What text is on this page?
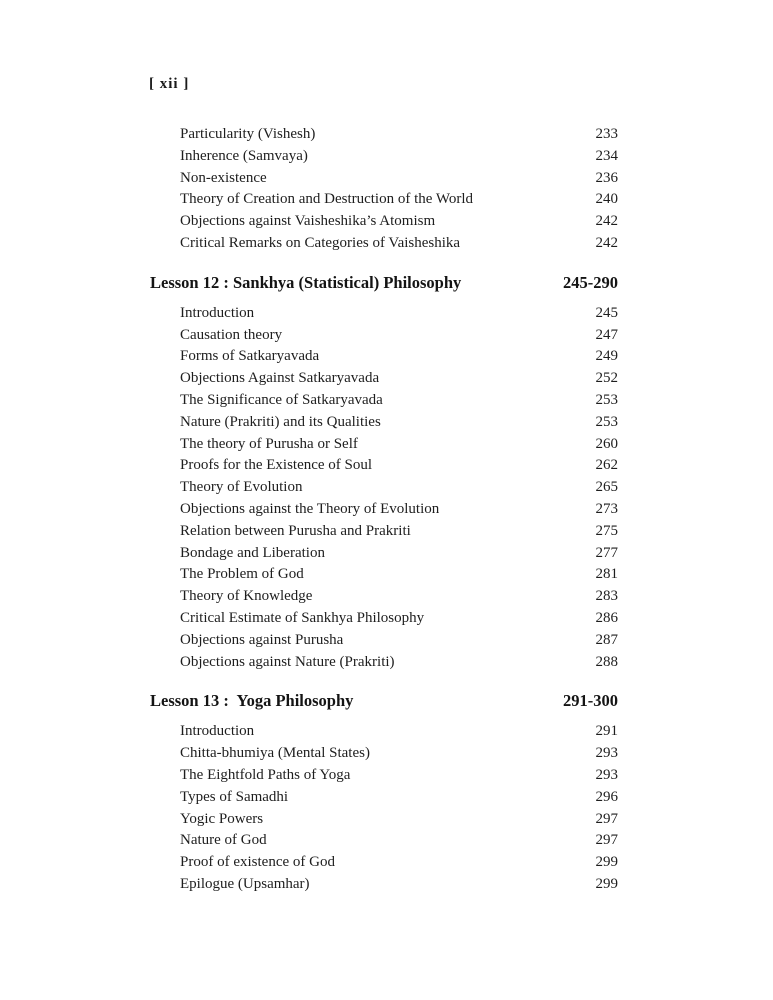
[ xii ]
Particularity (Vishesh)	233
Inherence (Samvaya)	234
Non-existence	236
Theory of Creation and Destruction of the World	240
Objections against Vaisheshika’s Atomism	242
Critical Remarks on Categories of Vaisheshika	242
Lesson 12 : Sankhya (Statistical) Philosophy	245-290
Introduction	245
Causation theory	247
Forms of Satkaryavada	249
Objections Against Satkaryavada	252
The Significance of Satkaryavada	253
Nature (Prakriti) and its Qualities	253
The theory of Purusha or Self	260
Proofs for the Existence of Soul	262
Theory of Evolution	265
Objections against the Theory of Evolution	273
Relation between Purusha and Prakriti	275
Bondage and Liberation	277
The Problem of God	281
Theory of Knowledge	283
Critical Estimate of Sankhya Philosophy	286
Objections against Purusha	287
Objections against Nature (Prakriti)	288
Lesson 13 :  Yoga Philosophy	291-300
Introduction	291
Chitta-bhumiya (Mental States)	293
The Eightfold Paths of Yoga	293
Types of Samadhi	296
Yogic Powers	297
Nature of God	297
Proof of existence of God	299
Epilogue (Upsamhar)	299
